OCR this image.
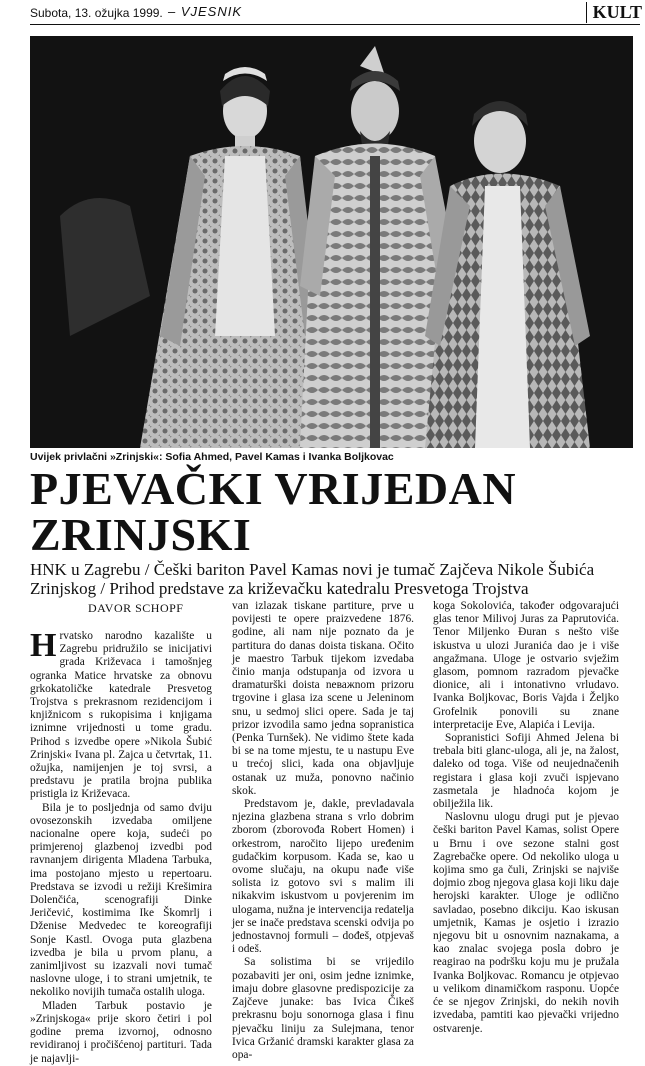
Subota, 13. ožujka 1999. – VJESNIK	KULT
Uvijek privlačni »Zrinjski«: Sofia Ahmed, Pavel Kamas i Ivanka Boljkovac
PJEVAČKI VRIJEDAN
ZRINJSKI
HNK u Zagrebu / Češki bariton Pavel Kamas novi je tumač Zajčeva Nikole Šubića Zrinjskog / Prihod predstave za križevačku katedralu Presvetoga Trojstva
DAVOR SCHOPF

Hrvatsko narodno kazalište u Zagrebu pridružilo se inicijativi grada Križevaca i tamošnjeg ogranka Matice hrvatske za obnovu grkokatoličke katedrale Presvetog Trojstva s prekrasnom rezidencijom i knjižnicom s rukopisima i knjigama iznimne vrijednosti u tome gradu. Prihod s izvedbe opere »Nikola Šubić Zrinjski« Ivana pl. Zajca u četvrtak, 11. ožujka, namijenjen je toj svrsi, a predstavu je pratila brojna publika pristigla iz Križevaca.

Bila je to posljednja od samo dviju ovosezonskih izvedaba omiljene nacionalne opere koja, sudeći po primjerenoj glazbenoj izvedbi pod ravnanjem dirigenta Mladena Tarbuka, ima postojano mjesto u repertoaru. Predstava se izvodi u režiji Krešimira Dolenčića, scenografiji Dinke Jeričević, kostimima Ike Škomrlj i Dženise Medvedec te koreografiji Sonje Kastl. Ovoga puta glazbena izvedba je bila u prvom planu, a zanimljivost su izazvali novi tumač naslovne uloge, i to strani umjetnik, te nekoliko novijih tumača ostalih uloga.

Mladen Tarbuk postavio je »Zrinjskoga« prije skoro četiri i pol godine prema izvornoj, odnosno revidiranoj i pročišćenoj partituri. Tada je najavlji-

van izlazak tiskane partiture, prve u povijesti te opere praizvedene 1876. godine, ali nam nije poznato da je partitura do danas doista tiskana. Očito je maestro Tarbuk tijekom izvedaba činio manja odstupanja od izvora u dramaturški doista neважnom prizoru trgovine i glasa iza scene u Jeleninom snu, u sedmoj slici opere. Sada je taj prizor izvodila samo jedna sopranistica (Penka Turnšek). Ne vidimo štete kada bi se na tome mjestu, te u nastupu Eve u trećoj slici, kada ona objavljuje ostanak uz muža, ponovno načinio skok.

Predstavom je, dakle, prevladavala njezina glazbena strana s vrlo dobrim zborom (zborovođa Robert Homen) i orkestrom, naročito lijepo uređenim gudačkim korpusom. Kada se, kao u ovome slučaju, na okupu nađe više solista iz gotovo svi s malim ili nikakvim iskustvom u povjerenim im ulogama, nužna je intervencija redatelja jer se inače predstava scenski odvija po jednostavnoj formuli – dođeš, otpjevaš i odeš.

Sa solistima bi se vrijedilo pozabaviti jer oni, osim jedne iznimke, imaju dobre glasovne predispozicije za Zajčeve junake: bas Ivica Čikeš prekrasnu boju sonornoga glasa i finu pjevačku liniju za Sulejmana, tenor Ivica Gržanić dramski karakter glasa za opa-

koga Sokolovića, također odgovarajući glas tenor Milivoj Juras za Paprutovića. Tenor Miljenko Đuran s nešto više iskustva u ulozi Juranića dao je i više angažmana. Uloge je ostvario svježim glasom, pomnom razradom pjevačke dionice, ali i intonativno vrludavo. Ivanka Boljkovac, Boris Vajda i Željko Grofelnik ponovili su znane interpretacije Eve, Alapića i Levija.

Sopranistici Sofiji Ahmed Jelena bi trebala biti glanc-uloga, ali je, na žalost, daleko od toga. Više od neujednačenih registara i glasa koji zvuči ispjevano zasmetala je hladnoća kojom je obilježila lik.

Naslovnu ulogu drugi put je pjevao češki bariton Pavel Kamas, solist Opere u Brnu i ove sezone stalni gost Zagrebačke opere. Od nekoliko uloga u kojima smo ga čuli, Zrinjski se najviše dojmio zbog njegova glasa koji liku daje herojski karakter. Uloge je odlično savladao, posebno dikciju. Kao iskusan umjetnik, Kamas je osjetio i izrazio njegovu bit u osnovnim naznakama, a kao znalac svojega posla dobro je reagirao na podršku koju mu je pružala Ivanka Boljkovac. Romancu je otpjevao u velikom dinamičkom rasponu. Uopće će se njegov Zrinjski, do nekih novih izvedaba, pamtiti kao pjevački vrijedno ostvarenje.
